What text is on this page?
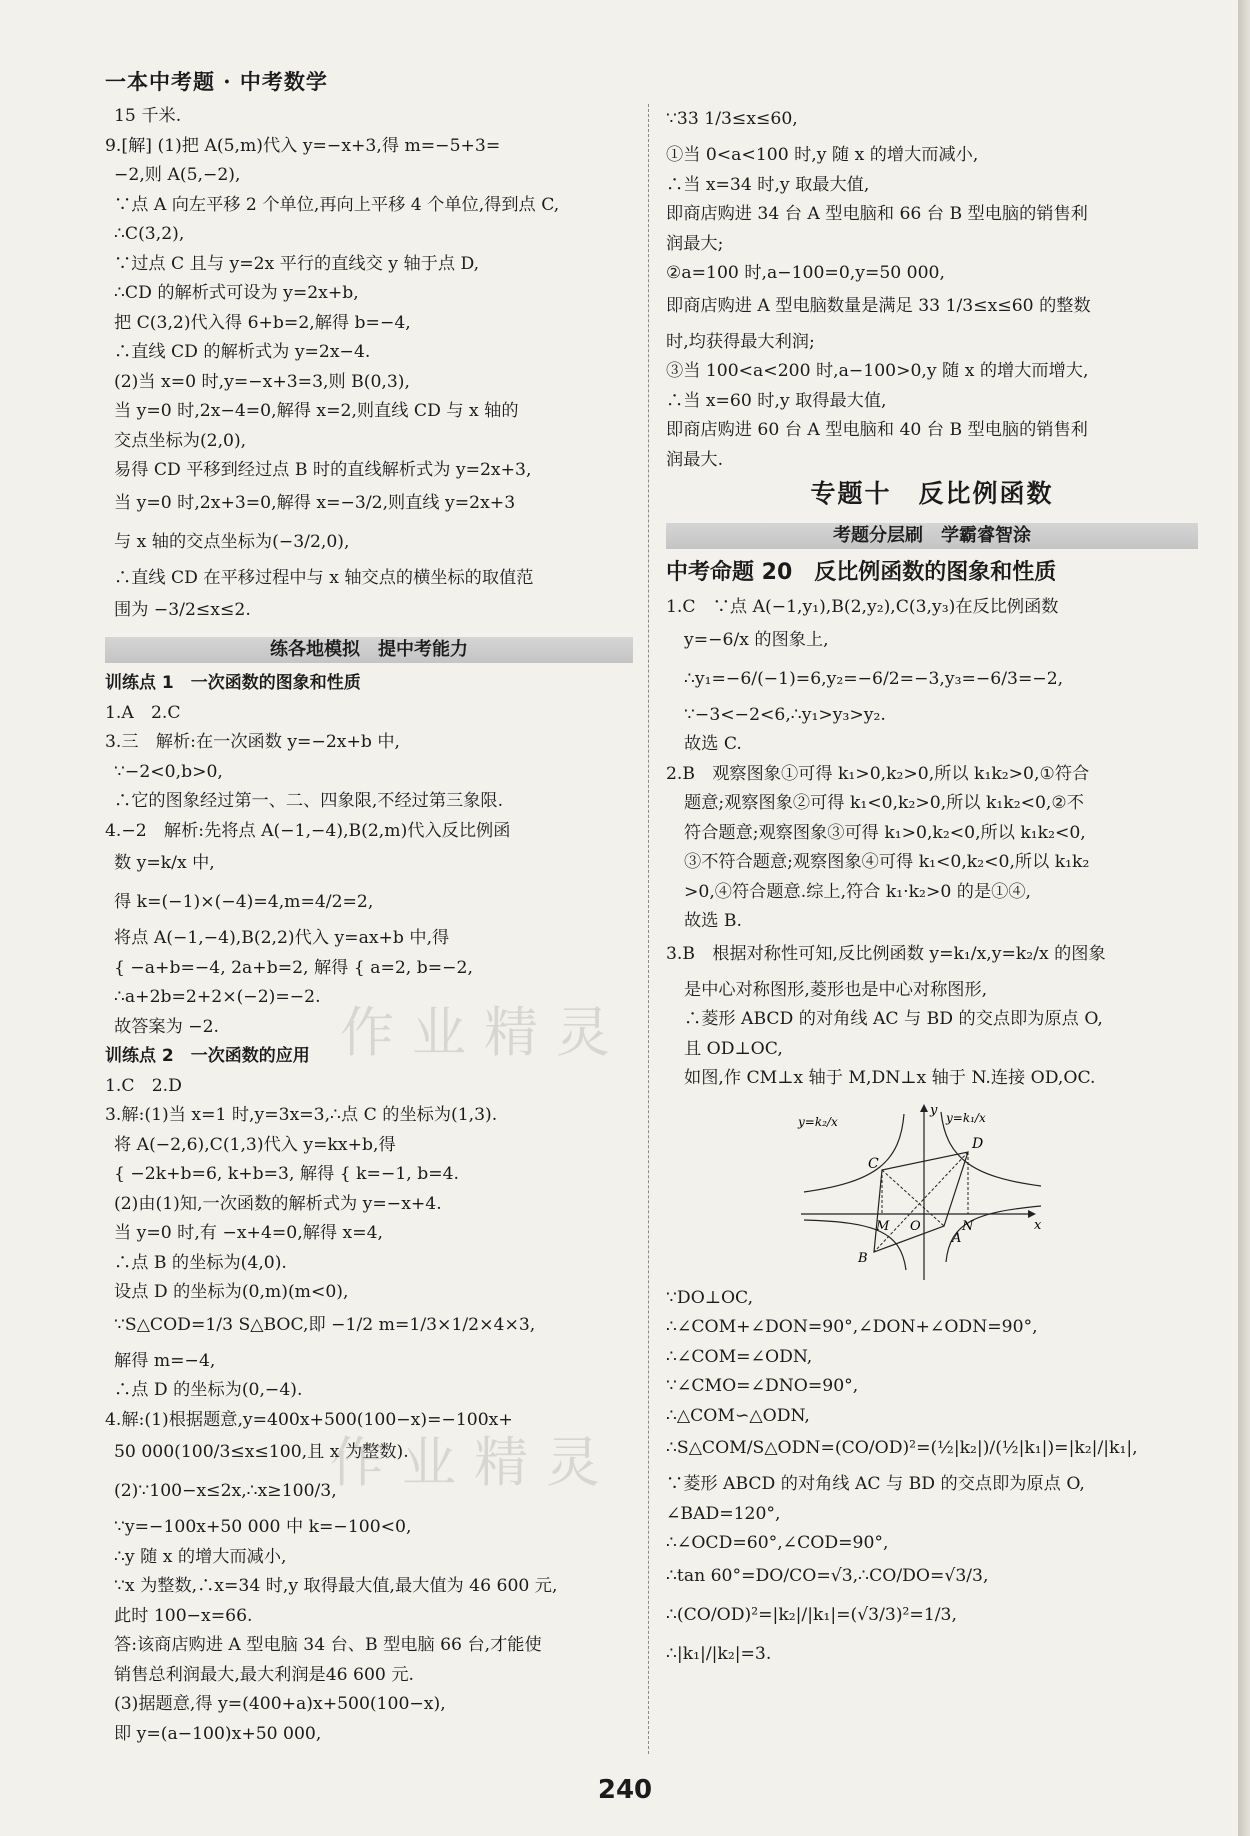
一本中考题 · 中考数学
15 千米.
9.[解] (1)把 A(5,m)代入 y=−x+3,得 m=−5+3=
−2,则 A(5,−2),
∵点 A 向左平移 2 个单位,再向上平移 4 个单位,得到点 C,
∴C(3,2),
∵过点 C 且与 y=2x 平行的直线交 y 轴于点 D,
∴CD 的解析式可设为 y=2x+b,
把 C(3,2)代入得 6+b=2,解得 b=−4,
∴直线 CD 的解析式为 y=2x−4.
(2)当 x=0 时,y=−x+3=3,则 B(0,3),
当 y=0 时,2x−4=0,解得 x=2,则直线 CD 与 x 轴的
交点坐标为(2,0),
易得 CD 平移到经过点 B 时的直线解析式为 y=2x+3,
当 y=0 时,2x+3=0,解得 x=−3/2,则直线 y=2x+3
与 x 轴的交点坐标为(−3/2,0),
∴直线 CD 在平移过程中与 x 轴交点的横坐标的取值范
围为 −3/2≤x≤2.
练各地模拟　提中考能力
训练点 1　一次函数的图象和性质
1.A　2.C
3.三　解析:在一次函数 y=−2x+b 中,
∵−2<0,b>0,
∴它的图象经过第一、二、四象限,不经过第三象限.
4.−2　解析:先将点 A(−1,−4),B(2,m)代入反比例函
数 y=k/x 中,
得 k=(−1)×(−4)=4,m=4/2=2,
将点 A(−1,−4),B(2,2)代入 y=ax+b 中,得
{ −a+b=−4, 2a+b=2, 解得 { a=2, b=−2,
∴a+2b=2+2×(−2)=−2.
故答案为 −2.
训练点 2　一次函数的应用
1.C　2.D
3.解:(1)当 x=1 时,y=3x=3,∴点 C 的坐标为(1,3).
将 A(−2,6),C(1,3)代入 y=kx+b,得
{ −2k+b=6, k+b=3, 解得 { k=−1, b=4.
(2)由(1)知,一次函数的解析式为 y=−x+4.
当 y=0 时,有 −x+4=0,解得 x=4,
∴点 B 的坐标为(4,0).
设点 D 的坐标为(0,m)(m<0),
∵S△COD=1/3 S△BOC,即 −1/2 m=1/3×1/2×4×3,
解得 m=−4,
∴点 D 的坐标为(0,−4).
4.解:(1)根据题意,y=400x+500(100−x)=−100x+
50 000(100/3≤x≤100,且 x 为整数).
(2)∵100−x≤2x,∴x≥100/3,
∵y=−100x+50 000 中 k=−100<0,
∴y 随 x 的增大而减小,
∵x 为整数,∴x=34 时,y 取得最大值,最大值为 46 600 元,
此时 100−x=66.
答:该商店购进 A 型电脑 34 台、B 型电脑 66 台,才能使
销售总利润最大,最大利润是46 600 元.
(3)据题意,得 y=(400+a)x+500(100−x),
即 y=(a−100)x+50 000,
∵33 1/3≤x≤60,
①当 0<a<100 时,y 随 x 的增大而减小,
∴当 x=34 时,y 取最大值,
即商店购进 34 台 A 型电脑和 66 台 B 型电脑的销售利
润最大;
②a=100 时,a−100=0,y=50 000,
即商店购进 A 型电脑数量是满足 33 1/3≤x≤60 的整数
时,均获得最大利润;
③当 100<a<200 时,a−100>0,y 随 x 的增大而增大,
∴当 x=60 时,y 取得最大值,
即商店购进 60 台 A 型电脑和 40 台 B 型电脑的销售利
润最大.
专题十　反比例函数
考题分层刷　学霸睿智涂
中考命题 20　反比例函数的图象和性质
1.C　∵点 A(−1,y₁),B(2,y₂),C(3,y₃)在反比例函数
y=−6/x 的图象上,
∴y₁=−6/(−1)=6,y₂=−6/2=−3,y₃=−6/3=−2,
∵−3<−2<6,∴y₁>y₃>y₂.
故选 C.
2.B　观察图象①可得 k₁>0,k₂>0,所以 k₁k₂>0,①符合
题意;观察图象②可得 k₁<0,k₂>0,所以 k₁k₂<0,②不
符合题意;观察图象③可得 k₁>0,k₂<0,所以 k₁k₂<0,
③不符合题意;观察图象④可得 k₁<0,k₂<0,所以 k₁k₂
>0,④符合题意.综上,符合 k₁·k₂>0 的是①④,
故选 B.
3.B　根据对称性可知,反比例函数 y=k₁/x,y=k₂/x 的图象
是中心对称图形,菱形也是中心对称图形,
∴菱形 ABCD 的对角线 AC 与 BD 的交点即为原点 O,
且 OD⊥OC,
如图,作 CM⊥x 轴于 M,DN⊥x 轴于 N.连接 OD,OC.
y=k₂/x	y=k₁/x
C
D
M O	N
A
B
x
y
∵DO⊥OC,
∴∠COM+∠DON=90°,∠DON+∠ODN=90°,
∴∠COM=∠ODN,
∵∠CMO=∠DNO=90°,
∴△COM∽△ODN,
∴S△COM/S△ODN=(CO/OD)²=(½|k₂|)/(½|k₁|)=|k₂|/|k₁|,
∵菱形 ABCD 的对角线 AC 与 BD 的交点即为原点 O,
∠BAD=120°,
∴∠OCD=60°,∠COD=90°,
∴tan 60°=DO/CO=√3,∴CO/DO=√3/3,
∴(CO/OD)²=|k₂|/|k₁|=(√3/3)²=1/3,
∴|k₁|/|k₂|=3.
作业精灵
作业精灵
240
